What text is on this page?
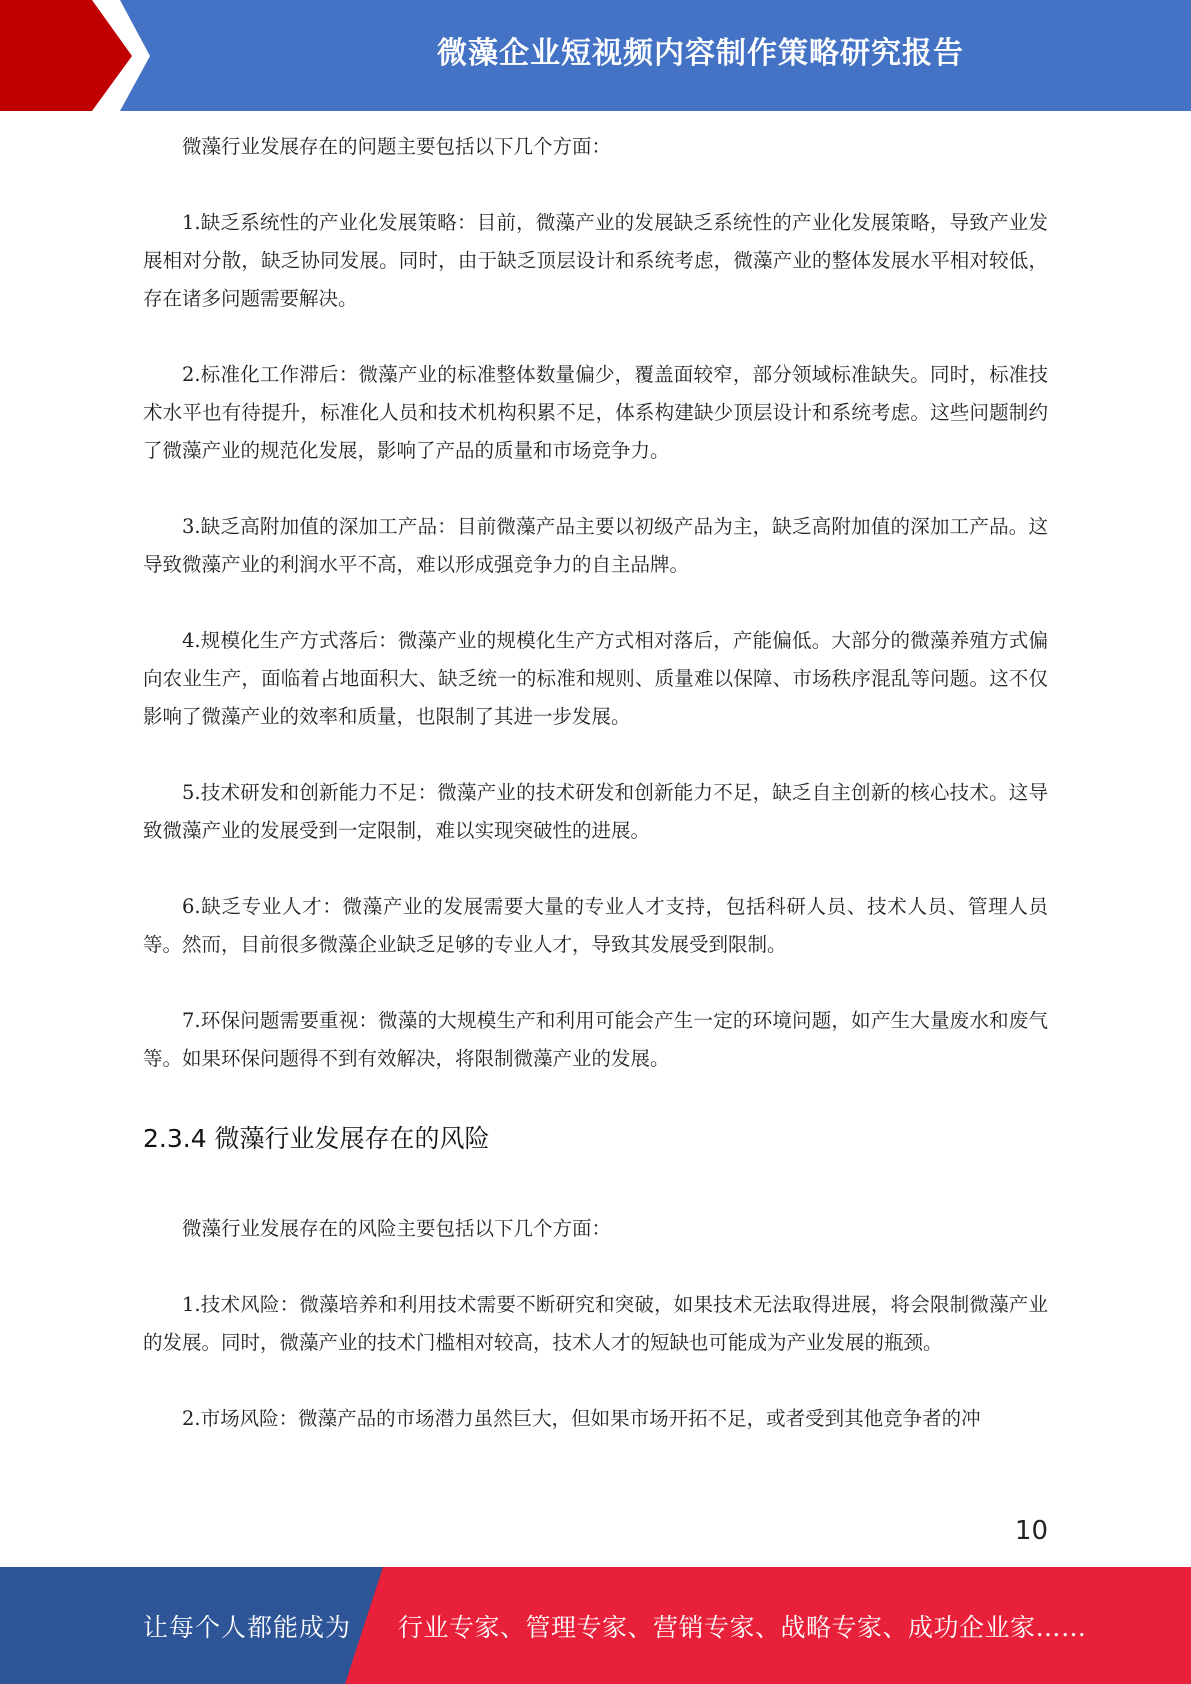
微藻企业短视频内容制作策略研究报告

微藻行业发展存在的问题主要包括以下几个方面：

1.缺乏系统性的产业化发展策略：目前，微藻产业的发展缺乏系统性的产业化发展策略，导致产业发展相对分散，缺乏协同发展。同时，由于缺乏顶层设计和系统考虑，微藻产业的整体发展水平相对较低，存在诸多问题需要解决。

2.标准化工作滞后：微藻产业的标准整体数量偏少，覆盖面较窄，部分领域标准缺失。同时，标准技术水平也有待提升，标准化人员和技术机构积累不足，体系构建缺少顶层设计和系统考虑。这些问题制约了微藻产业的规范化发展，影响了产品的质量和市场竞争力。

3.缺乏高附加值的深加工产品：目前微藻产品主要以初级产品为主，缺乏高附加值的深加工产品。这导致微藻产业的利润水平不高，难以形成强竞争力的自主品牌。

4.规模化生产方式落后：微藻产业的规模化生产方式相对落后，产能偏低。大部分的微藻养殖方式偏向农业生产，面临着占地面积大、缺乏统一的标准和规则、质量难以保障、市场秩序混乱等问题。这不仅影响了微藻产业的效率和质量，也限制了其进一步发展。

5.技术研发和创新能力不足：微藻产业的技术研发和创新能力不足，缺乏自主创新的核心技术。这导致微藻产业的发展受到一定限制，难以实现突破性的进展。

6.缺乏专业人才：微藻产业的发展需要大量的专业人才支持，包括科研人员、技术人员、管理人员等。然而，目前很多微藻企业缺乏足够的专业人才，导致其发展受到限制。

7.环保问题需要重视：微藻的大规模生产和利用可能会产生一定的环境问题，如产生大量废水和废气等。如果环保问题得不到有效解决，将限制微藻产业的发展。

2.3.4 微藻行业发展存在的风险

微藻行业发展存在的风险主要包括以下几个方面：

1.技术风险：微藻培养和利用技术需要不断研究和突破，如果技术无法取得进展，将会限制微藻产业的发展。同时，微藻产业的技术门槛相对较高，技术人才的短缺也可能成为产业发展的瓶颈。

2.市场风险：微藻产品的市场潜力虽然巨大，但如果市场开拓不足，或者受到其他竞争者的冲

10
让每个人都能成为 行业专家、管理专家、营销专家、战略专家、成功企业家……
